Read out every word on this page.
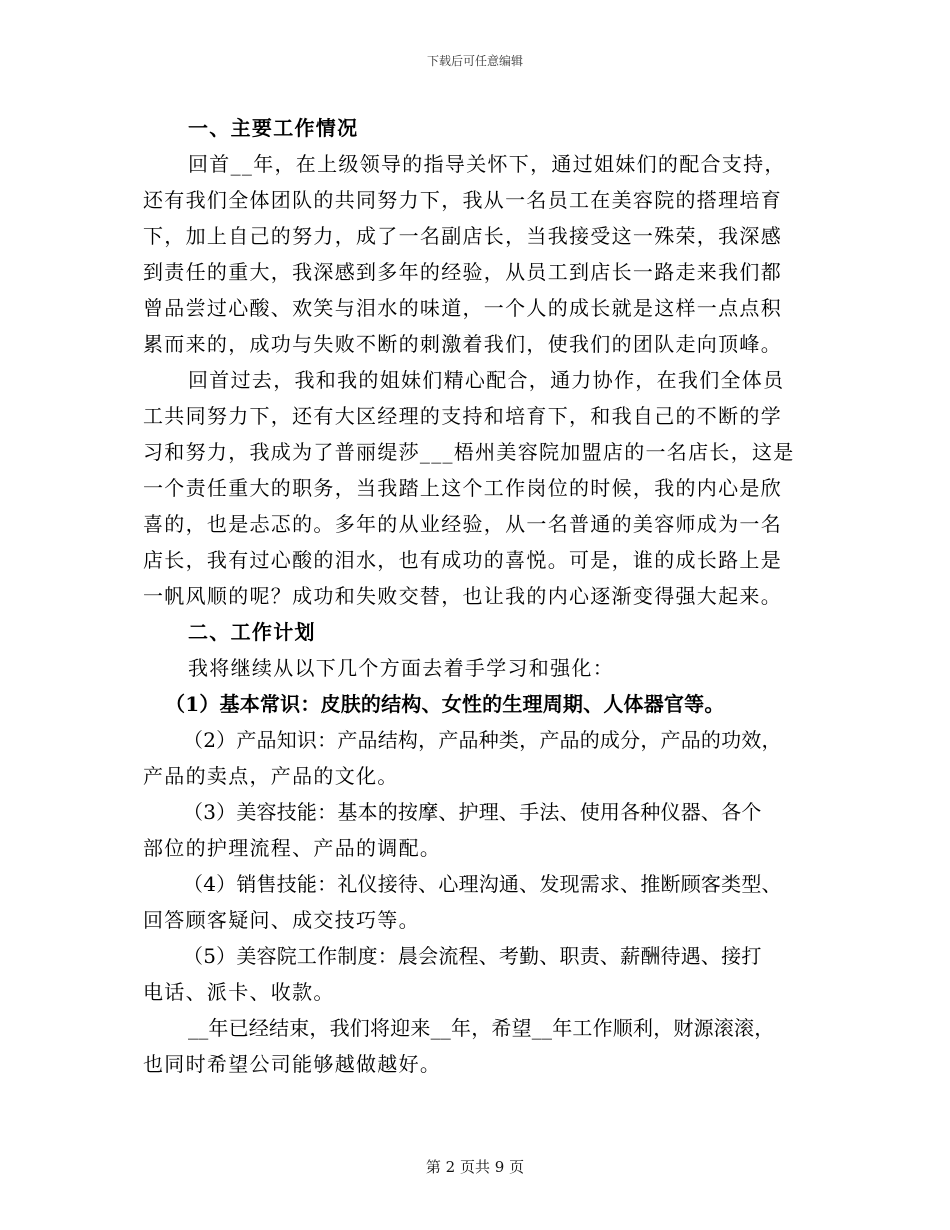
下载后可任意编辑
一、主要工作情况
回首__年，在上级领导的指导关怀下，通过姐妹们的配合支持，
还有我们全体团队的共同努力下，我从一名员工在美容院的搭理培育
下，加上自己的努力，成了一名副店长，当我接受这一殊荣，我深感
到责任的重大，我深感到多年的经验，从员工到店长一路走来我们都
曾品尝过心酸、欢笑与泪水的味道，一个人的成长就是这样一点点积
累而来的，成功与失败不断的刺激着我们，使我们的团队走向顶峰。
回首过去，我和我的姐妹们精心配合，通力协作，在我们全体员
工共同努力下，还有大区经理的支持和培育下，和我自己的不断的学
习和努力，我成为了普丽缇莎___梧州美容院加盟店的一名店长，这是
一个责任重大的职务，当我踏上这个工作岗位的时候，我的内心是欣
喜的，也是忐忑的。多年的从业经验，从一名普通的美容师成为一名
店长，我有过心酸的泪水，也有成功的喜悦。可是，谁的成长路上是
一帆风顺的呢？成功和失败交替，也让我的内心逐渐变得强大起来。
二、工作计划
我将继续从以下几个方面去着手学习和强化：
（1）基本常识：皮肤的结构、女性的生理周期、人体器官等。
（2）产品知识：产品结构，产品种类，产品的成分，产品的功效，
产品的卖点，产品的文化。
（3）美容技能：基本的按摩、护理、手法、使用各种仪器、各个
部位的护理流程、产品的调配。
（4）销售技能：礼仪接待、心理沟通、发现需求、推断顾客类型、
回答顾客疑问、成交技巧等。
（5）美容院工作制度：晨会流程、考勤、职责、薪酬待遇、接打
电话、派卡、收款。
__年已经结束，我们将迎来__年，希望__年工作顺利，财源滚滚，
也同时希望公司能够越做越好。
第 2 页共 9 页
